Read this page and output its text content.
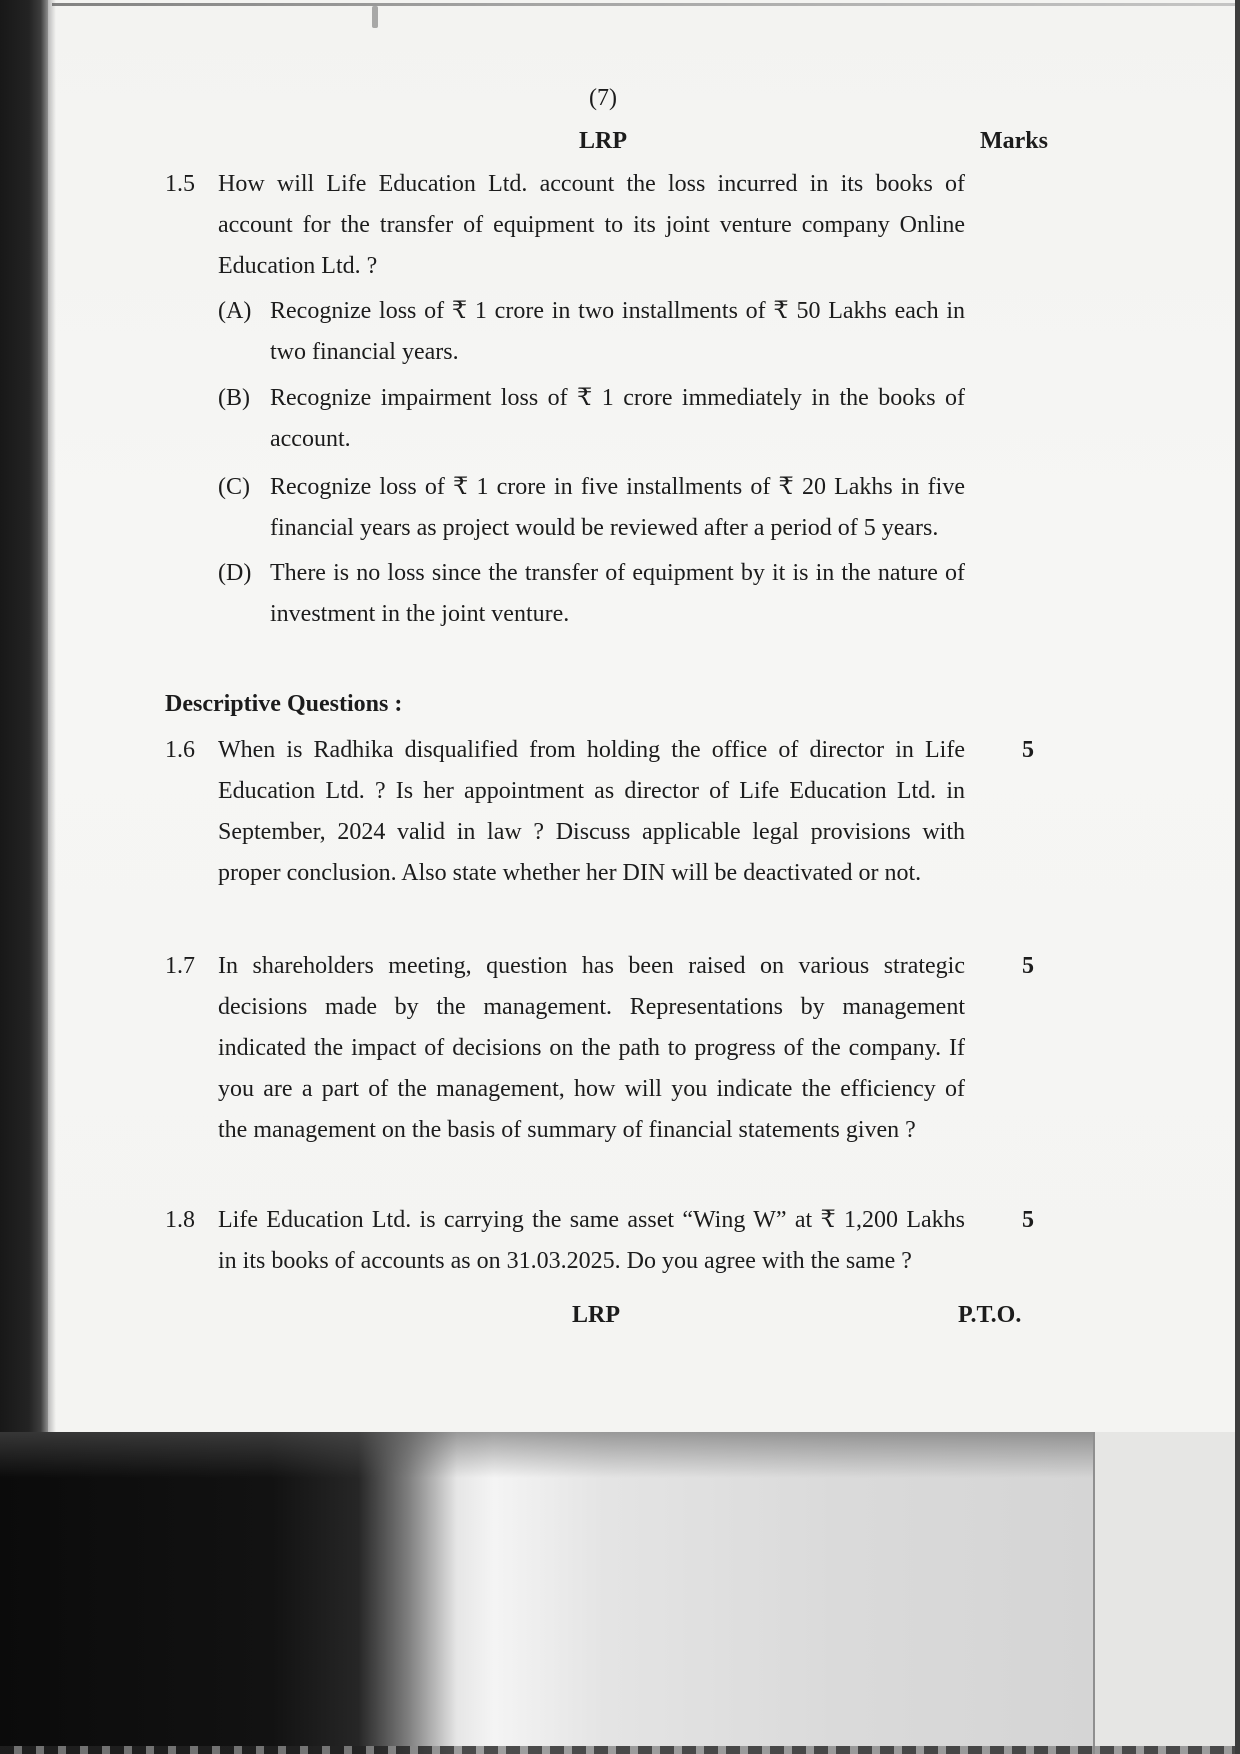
(7)
LRP	Marks
1.5 How will Life Education Ltd. account the loss incurred in its books of
account for the transfer of equipment to its joint venture company Online
Education Ltd. ?
(A) Recognize loss of ₹ 1 crore in two installments of ₹ 50 Lakhs each in
two financial years.
(B) Recognize impairment loss of ₹ 1 crore immediately in the books of
account.
(C) Recognize loss of ₹ 1 crore in five installments of ₹ 20 Lakhs in five
financial years as project would be reviewed after a period of 5 years.
(D) There is no loss since the transfer of equipment by it is in the nature of
investment in the joint venture.
Descriptive Questions :
1.6 When is Radhika disqualified from holding the office of director in Life
Education Ltd. ? Is her appointment as director of Life Education Ltd. in
September, 2024 valid in law ? Discuss applicable legal provisions with
proper conclusion. Also state whether her DIN will be deactivated or not.
5
1.7 In shareholders meeting, question has been raised on various strategic
decisions made by the management. Representations by management
indicated the impact of decisions on the path to progress of the company. If
you are a part of the management, how will you indicate the efficiency of
the management on the basis of summary of financial statements given ?
5
1.8 Life Education Ltd. is carrying the same asset “Wing W” at ₹ 1,200 Lakhs
in its books of accounts as on 31.03.2025. Do you agree with the same ?
5
LRP	P.T.O.
